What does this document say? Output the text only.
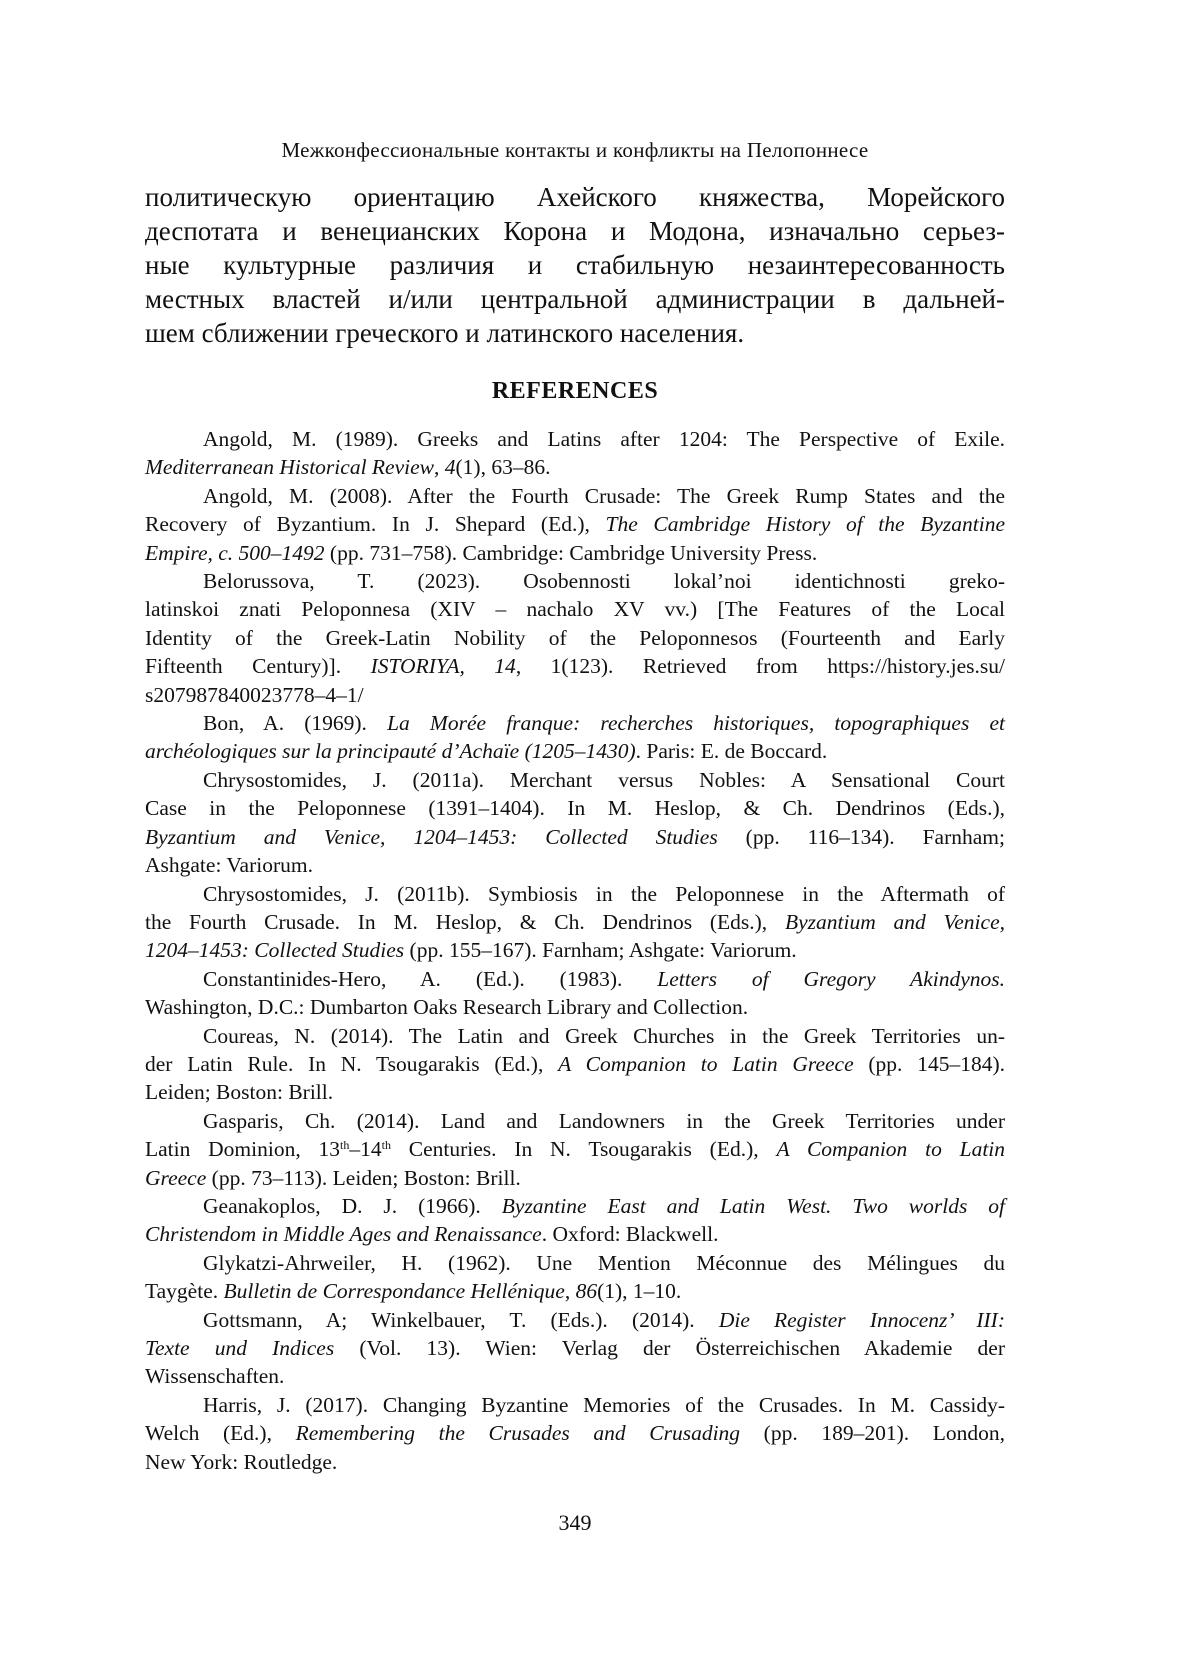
Межконфессиональные контакты и конфликты на Пелопоннесе
политическую ориентацию Ахейского княжества, Морейского
деспотата и венецианских Корона и Модона, изначально серьез-
ные культурные различия и стабильную незаинтересованность
местных властей и/или центральной администрации в дальней-
шем сближении греческого и латинского населения.
REFERENCES
Angold, M. (1989). Greeks and Latins after 1204: The Perspective of Exile.
Mediterranean Historical Review, 4(1), 63–86.
Angold, M. (2008). After the Fourth Crusade: The Greek Rump States and the
Recovery of Byzantium. In J. Shepard (Ed.), The Cambridge History of the Byzantine
Empire, c. 500–1492 (pp. 731–758). Cambridge: Cambridge University Press.
Belorussova, T. (2023). Osobennosti lokal’noi identichnosti greko-
latinskoi znati Peloponnesa (XIV – nachalo XV vv.) [The Features of the Local
Identity of the Greek-Latin Nobility of the Peloponnesos (Fourteenth and Early
Fifteenth Century)]. ISTORIYA, 14, 1(123). Retrieved from https://history.jes.su/
s207987840023778–4–1/
Bon, A. (1969). La Morée franque: recherches historiques, topographiques et
archéologiques sur la principauté d’Achaïe (1205–1430). Paris: E. de Boccard.
Chrysostomides, J. (2011a). Merchant versus Nobles: A Sensational Court
Case in the Peloponnese (1391–1404). In M. Heslop, & Ch. Dendrinos (Eds.),
Byzantium and Venice, 1204–1453: Collected Studies (pp. 116–134). Farnham;
Ashgate: Variorum.
Chrysostomides, J. (2011b). Symbiosis in the Peloponnese in the Aftermath of
the Fourth Crusade. In M. Heslop, & Ch. Dendrinos (Eds.), Byzantium and Venice,
1204–1453: Collected Studies (pp. 155–167). Farnham; Ashgate: Variorum.
Constantinides-Hero, A. (Ed.). (1983). Letters of Gregory Akindynos.
Washington, D.C.: Dumbarton Oaks Research Library and Collection.
Coureas, N. (2014). The Latin and Greek Churches in the Greek Territories un-
der Latin Rule. In N. Tsougarakis (Ed.), A Companion to Latin Greece (pp. 145–184).
Leiden; Boston: Brill.
Gasparis, Ch. (2014). Land and Landowners in the Greek Territories under
Latin Dominion, 13th–14th Centuries. In N. Tsougarakis (Ed.), A Companion to Latin
Greece (pp. 73–113). Leiden; Boston: Brill.
Geanakoplos, D. J. (1966). Byzantine East and Latin West. Two worlds of
Christendom in Middle Ages and Renaissance. Oxford: Blackwell.
Glykatzi-Ahrweiler, H. (1962). Une Mention Méconnue des Mélingues du
Taygète. Bulletin de Correspondance Hellénique, 86(1), 1–10.
Gottsmann, A; Winkelbauer, T. (Eds.). (2014). Die Register Innocenz’ III:
Texte und Indices (Vol. 13). Wien: Verlag der Österreichischen Akademie der
Wissenschaften.
Harris, J. (2017). Changing Byzantine Memories of the Crusades. In M. Cassidy-
Welch (Ed.), Remembering the Crusades and Crusading (pp. 189–201). London,
New York: Routledge.
349
